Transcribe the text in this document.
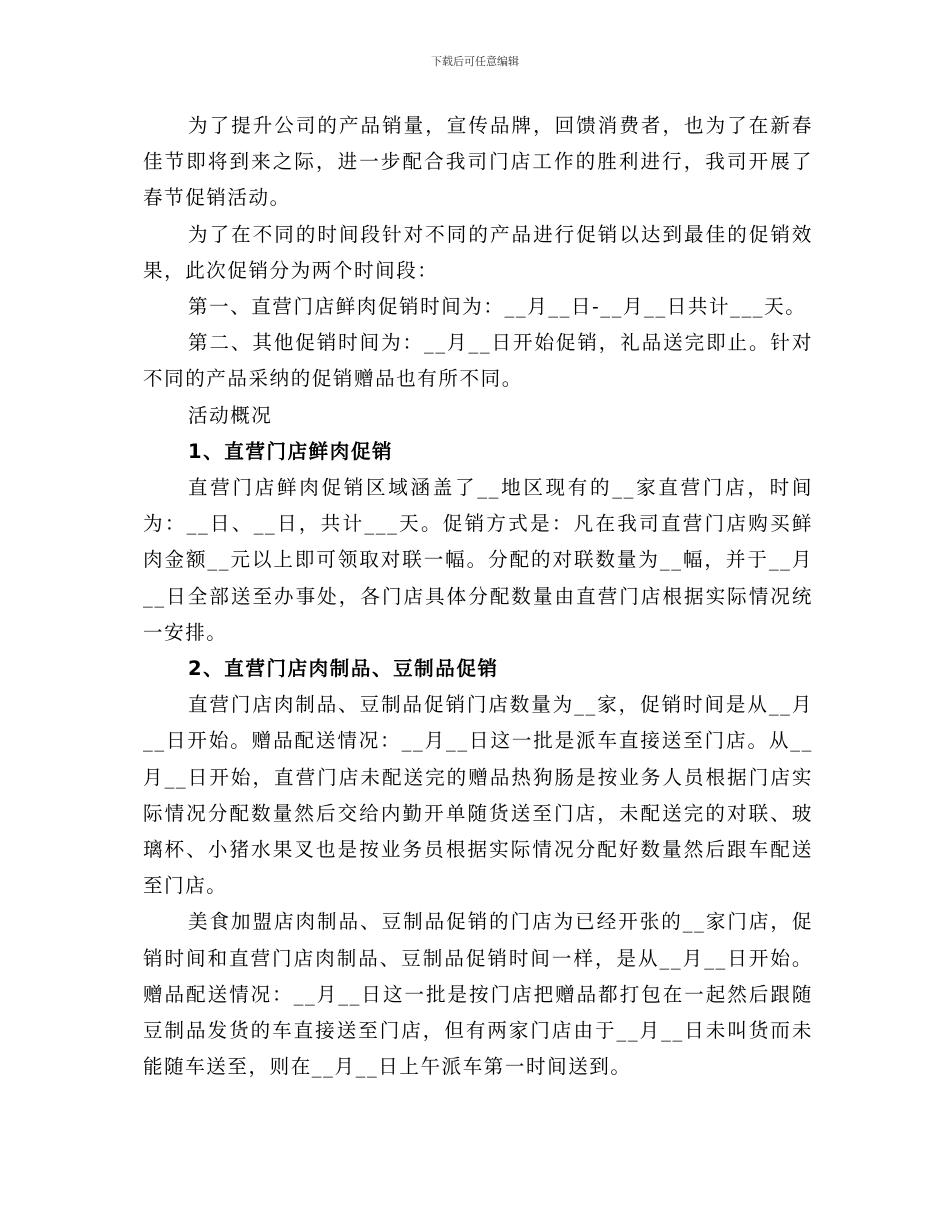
下载后可任意编辑

为了提升公司的产品销量，宣传品牌，回馈消费者，也为了在新春佳节即将到来之际，进一步配合我司门店工作的胜利进行，我司开展了春节促销活动。

为了在不同的时间段针对不同的产品进行促销以达到最佳的促销效果，此次促销分为两个时间段：

第一、直营门店鲜肉促销时间为：__月__日-__月__日共计___天。

第二、其他促销时间为：__月__日开始促销，礼品送完即止。针对不同的产品采纳的促销赠品也有所不同。

活动概况

1、直营门店鲜肉促销

直营门店鲜肉促销区域涵盖了__地区现有的__家直营门店，时间为：__日、__日，共计___天。促销方式是：凡在我司直营门店购买鲜肉金额__元以上即可领取对联一幅。分配的对联数量为__幅，并于__月__日全部送至办事处，各门店具体分配数量由直营门店根据实际情况统一安排。

2、直营门店肉制品、豆制品促销

直营门店肉制品、豆制品促销门店数量为__家，促销时间是从__月__日开始。赠品配送情况：__月__日这一批是派车直接送至门店。从__月__日开始，直营门店未配送完的赠品热狗肠是按业务人员根据门店实际情况分配数量然后交给内勤开单随货送至门店，未配送完的对联、玻璃杯、小猪水果叉也是按业务员根据实际情况分配好数量然后跟车配送至门店。

美食加盟店肉制品、豆制品促销的门店为已经开张的__家门店，促销时间和直营门店肉制品、豆制品促销时间一样，是从__月__日开始。赠品配送情况：__月__日这一批是按门店把赠品都打包在一起然后跟随豆制品发货的车直接送至门店，但有两家门店由于__月__日未叫货而未能随车送至，则在__月__日上午派车第一时间送到。
